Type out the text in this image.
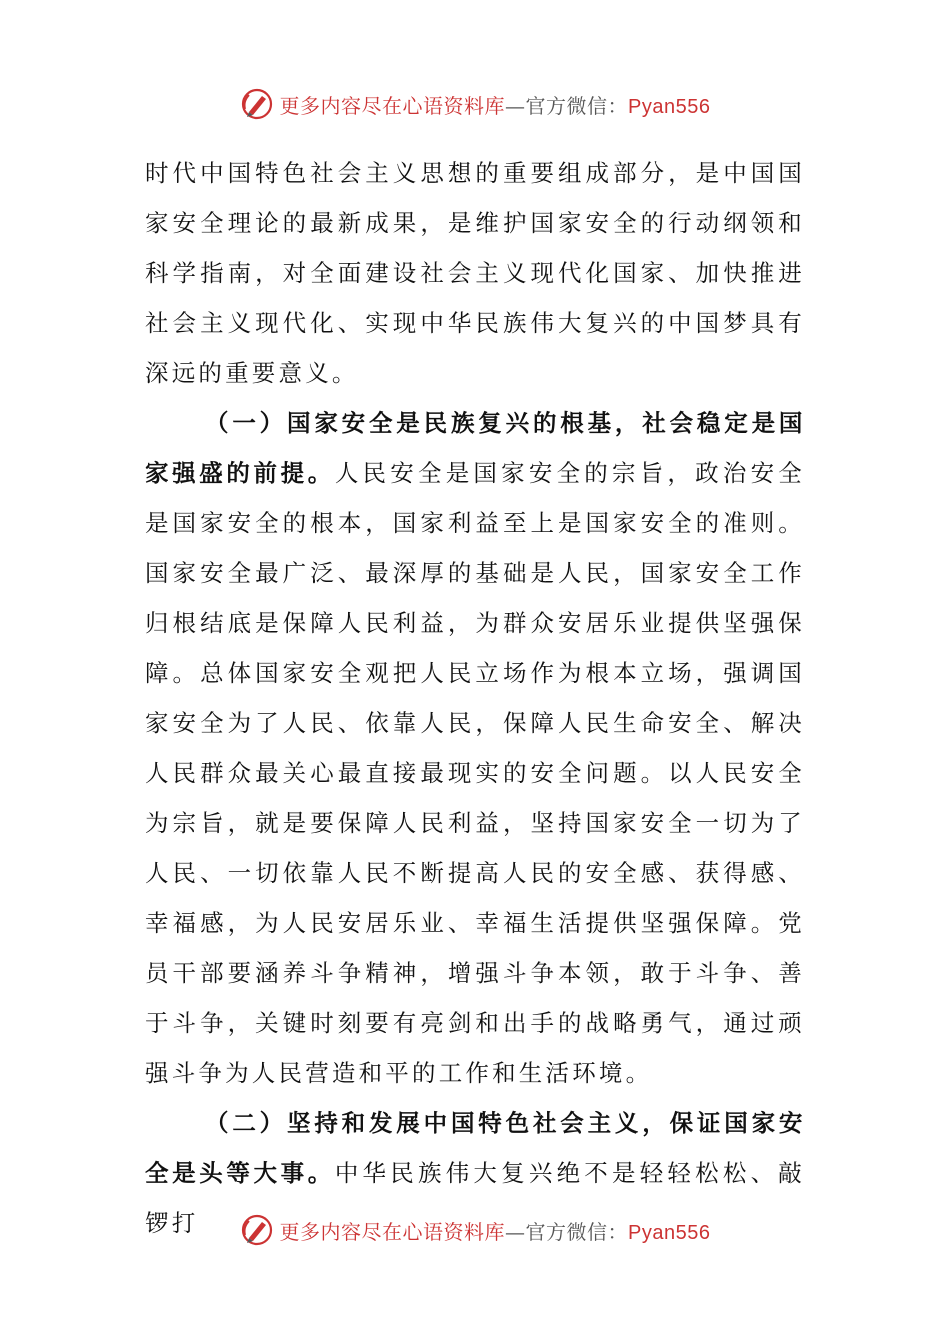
更多内容尽在心语资料库—官方微信：Pyan556

时代中国特色社会主义思想的重要组成部分，是中国国家安全理论的最新成果，是维护国家安全的行动纲领和科学指南，对全面建设社会主义现代化国家、加快推进社会主义现代化、实现中华民族伟大复兴的中国梦具有深远的重要意义。

（一）国家安全是民族复兴的根基，社会稳定是国家强盛的前提。人民安全是国家安全的宗旨，政治安全是国家安全的根本，国家利益至上是国家安全的准则。国家安全最广泛、最深厚的基础是人民，国家安全工作归根结底是保障人民利益，为群众安居乐业提供坚强保障。总体国家安全观把人民立场作为根本立场，强调国家安全为了人民、依靠人民，保障人民生命安全、解决人民群众最关心最直接最现实的安全问题。以人民安全为宗旨，就是要保障人民利益，坚持国家安全一切为了人民、一切依靠人民不断提高人民的安全感、获得感、幸福感，为人民安居乐业、幸福生活提供坚强保障。党员干部要涵养斗争精神，增强斗争本领，敢于斗争、善于斗争，关键时刻要有亮剑和出手的战略勇气，通过顽强斗争为人民营造和平的工作和生活环境。

（二）坚持和发展中国特色社会主义，保证国家安全是头等大事。中华民族伟大复兴绝不是轻轻松松、敲锣打	更多内容尽在心语资料库—官方微信：Pyan556
